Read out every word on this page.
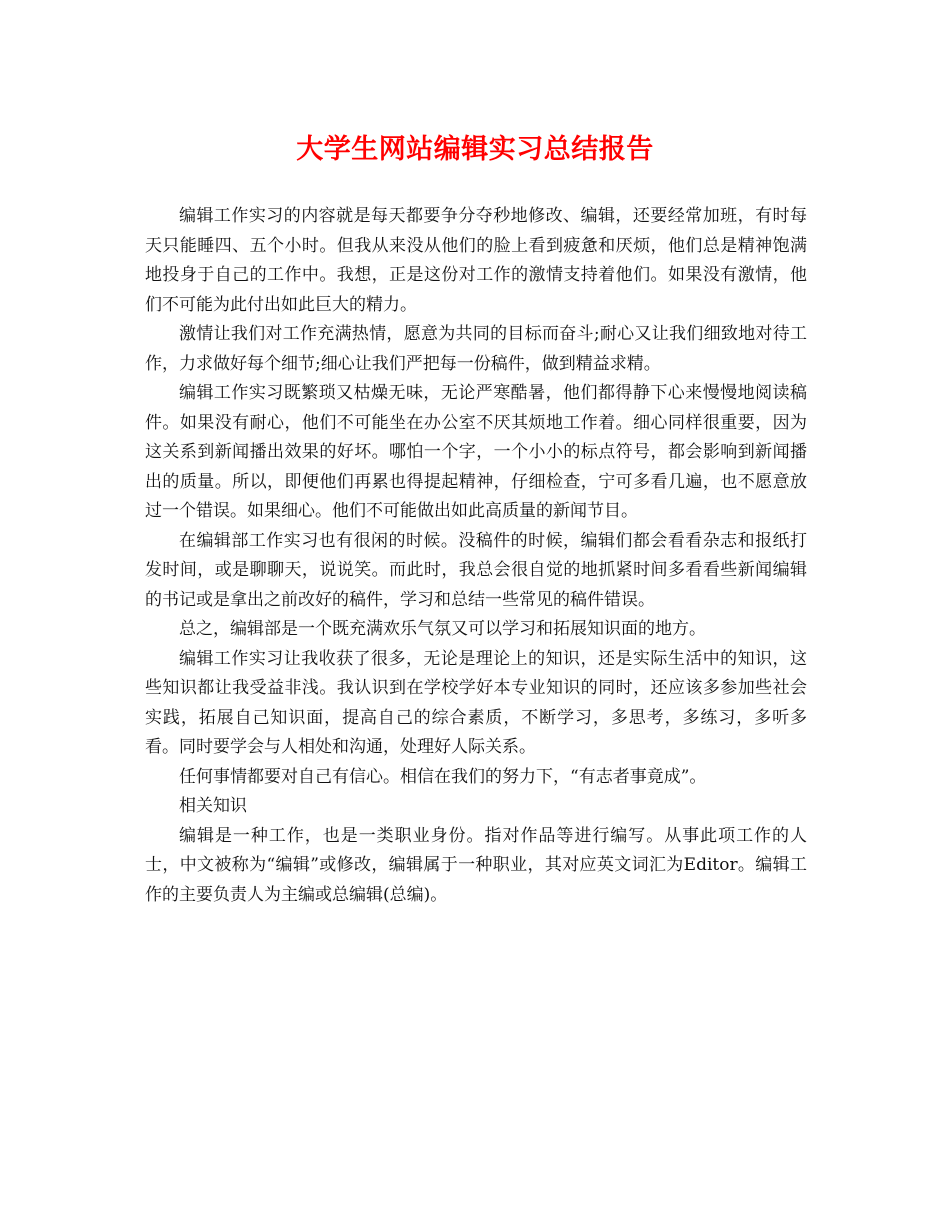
大学生网站编辑实习总结报告

编辑工作实习的内容就是每天都要争分夺秒地修改、编辑，还要经常加班，有时每天只能睡四、五个小时。但我从来没从他们的脸上看到疲惫和厌烦，他们总是精神饱满地投身于自己的工作中。我想，正是这份对工作的激情支持着他们。如果没有激情，他们不可能为此付出如此巨大的精力。

激情让我们对工作充满热情，愿意为共同的目标而奋斗;耐心又让我们细致地对待工作，力求做好每个细节;细心让我们严把每一份稿件，做到精益求精。

编辑工作实习既繁琐又枯燥无味，无论严寒酷暑，他们都得静下心来慢慢地阅读稿件。如果没有耐心，他们不可能坐在办公室不厌其烦地工作着。细心同样很重要，因为这关系到新闻播出效果的好坏。哪怕一个字，一个小小的标点符号，都会影响到新闻播出的质量。所以，即便他们再累也得提起精神，仔细检查，宁可多看几遍，也不愿意放过一个错误。如果细心。他们不可能做出如此高质量的新闻节目。

在编辑部工作实习也有很闲的时候。没稿件的时候，编辑们都会看看杂志和报纸打发时间，或是聊聊天，说说笑。而此时，我总会很自觉的地抓紧时间多看看些新闻编辑的书记或是拿出之前改好的稿件，学习和总结一些常见的稿件错误。

总之，编辑部是一个既充满欢乐气氛又可以学习和拓展知识面的地方。

编辑工作实习让我收获了很多，无论是理论上的知识，还是实际生活中的知识，这些知识都让我受益非浅。我认识到在学校学好本专业知识的同时，还应该多参加些社会实践，拓展自己知识面，提高自己的综合素质，不断学习，多思考，多练习，多听多看。同时要学会与人相处和沟通，处理好人际关系。

任何事情都要对自己有信心。相信在我们的努力下，“有志者事竟成”。

相关知识

编辑是一种工作，也是一类职业身份。指对作品等进行编写。从事此项工作的人士，中文被称为“编辑”或修改，编辑属于一种职业，其对应英文词汇为Editor。编辑工作的主要负责人为主编或总编辑(总编)。
